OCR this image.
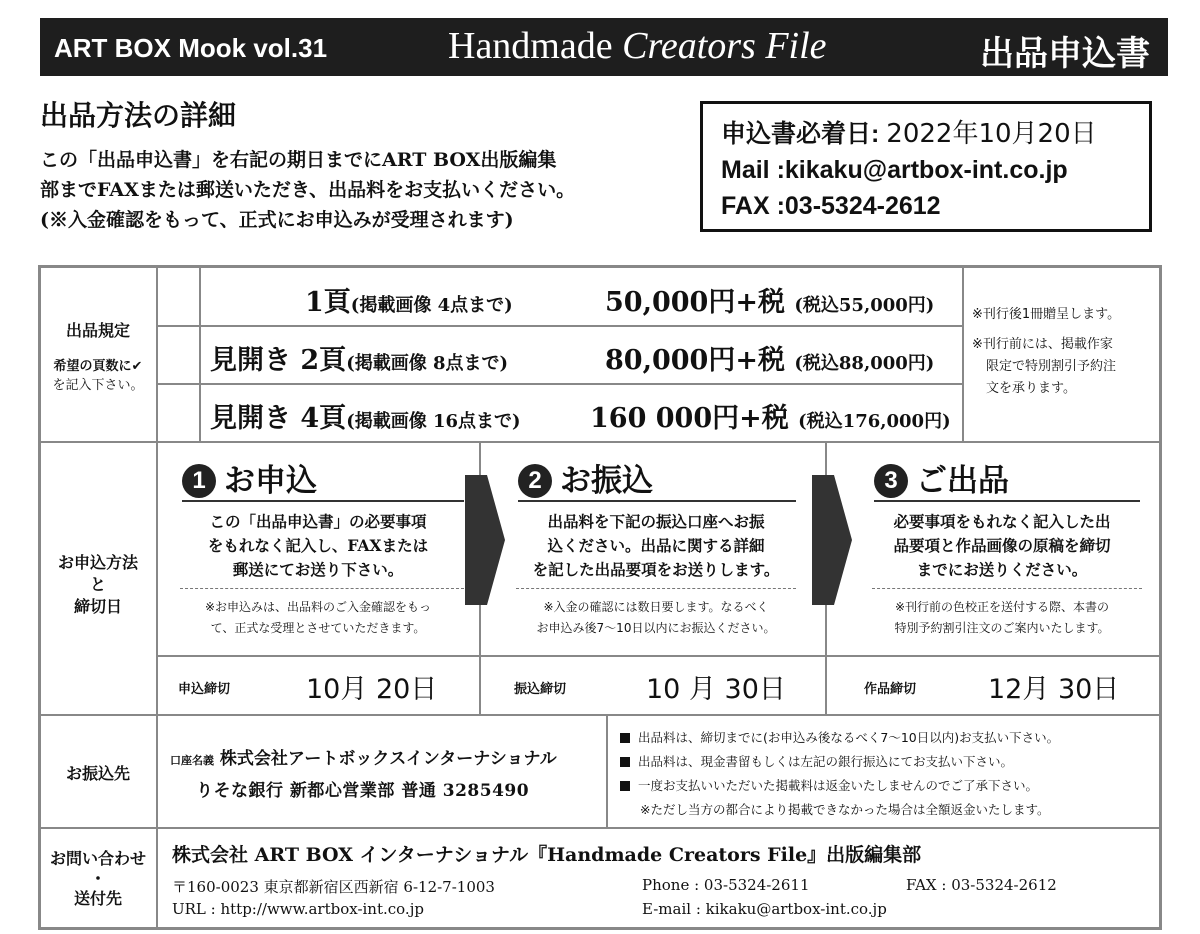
ART BOX Mook vol.31	Handmade Creators File	出品申込書
出品方法の詳細
この「出品申込書」を右記の期日までにART BOX出版編集
部までFAXまたは郵送いただき、出品料をお支払いください。
(※入金確認をもって、正式にお申込みが受理されます)
申込書必着日: 2022年10月20日
Mail :kikaku@artbox-int.co.jp
FAX :03-5324-2612
出品規定
希望の頁数に✔
を記入下さい。
1頁(掲載画像 4点まで)	50,000円+税 (税込55,000円)
見開き 2頁(掲載画像 8点まで)	80,000円+税 (税込88,000円)
見開き 4頁(掲載画像 16点まで)	160 000円+税 (税込176,000円)
※刊行後1冊贈呈します。
※刊行前には、掲載作家
限定で特別割引予約注
文を承ります。
お申込方法
と
締切日
1 お申込
この「出品申込書」の必要事項
をもれなく記入し、FAXまたは
郵送にてお送り下さい。
※お申込みは、出品料のご入金確認をもっ
て、正式な受理とさせていただきます。
申込締切	10月 20日
2 お振込
出品料を下記の振込口座へお振
込ください。出品に関する詳細
を記した出品要項をお送りします。
※入金の確認には数日要します。なるべく
お申込み後7〜10日以内にお振込ください。
振込締切	10 月 30日
3 ご出品
必要事項をもれなく記入した出
品要項と作品画像の原稿を締切
までにお送りください。
※刊行前の色校正を送付する際、本書の
特別予約割引注文のご案内いたします。
作品締切	12月 30日
お振込先
口座名義 株式会社アートボックスインターナショナル
りそな銀行 新都心営業部 普通 3285490
出品料は、締切までに(お申込み後なるべく7〜10日以内)お支払い下さい。
出品料は、現金書留もしくは左記の銀行振込にてお支払い下さい。
一度お支払いいただいた掲載料は返金いたしませんのでご了承下さい。
※ただし当方の都合により掲載できなかった場合は全額返金いたします。
お問い合わせ
・
送付先
株式会社 ART BOX インターナショナル『Handmade Creators File』出版編集部
〒160-0023 東京都新宿区西新宿 6-12-7-1003
URL : http://www.artbox-int.co.jp
Phone : 03-5324-2611	FAX : 03-5324-2612
E-mail : kikaku@artbox-int.co.jp
